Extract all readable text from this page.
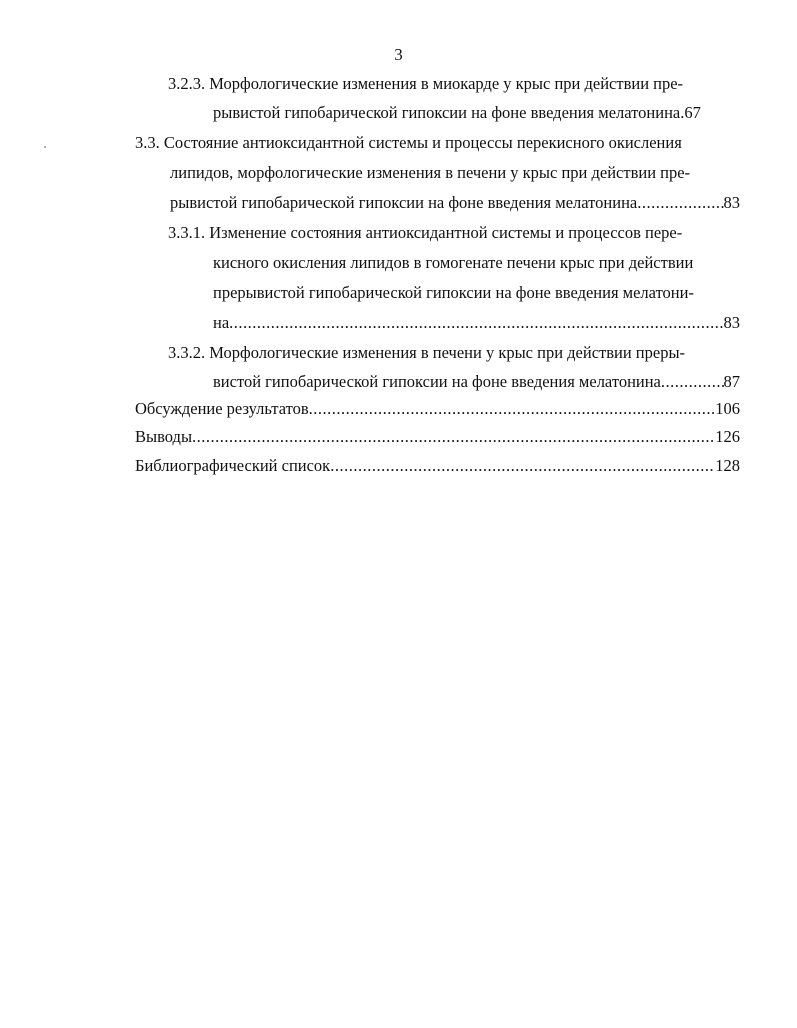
3
3.2.3. Морфологические изменения в миокарде у крыс при действии пре-
рывистой гипобарической гипоксии на фоне введения мелатонина.67
3.3. Состояние антиоксидантной системы и процессы перекисного окисления
липидов, морфологические изменения в печени у крыс при действии пре-
рывистой гипобарической гипоксии на фоне введения мелатонина .....	83
3.3.1. Изменение состояния антиоксидантной системы и процессов пере-
кисного окисления липидов в гомогенате печени крыс при действии
прерывистой гипобарической гипоксии на фоне введения мелатони-
на .....	83
3.3.2. Морфологические изменения в печени у крыс при действии преры-
вистой гипобарической гипоксии на фоне введения мелатонина .....	87
Обсуждение результатов .....	106
Выводы .....	126
Библиографический список .....	128
